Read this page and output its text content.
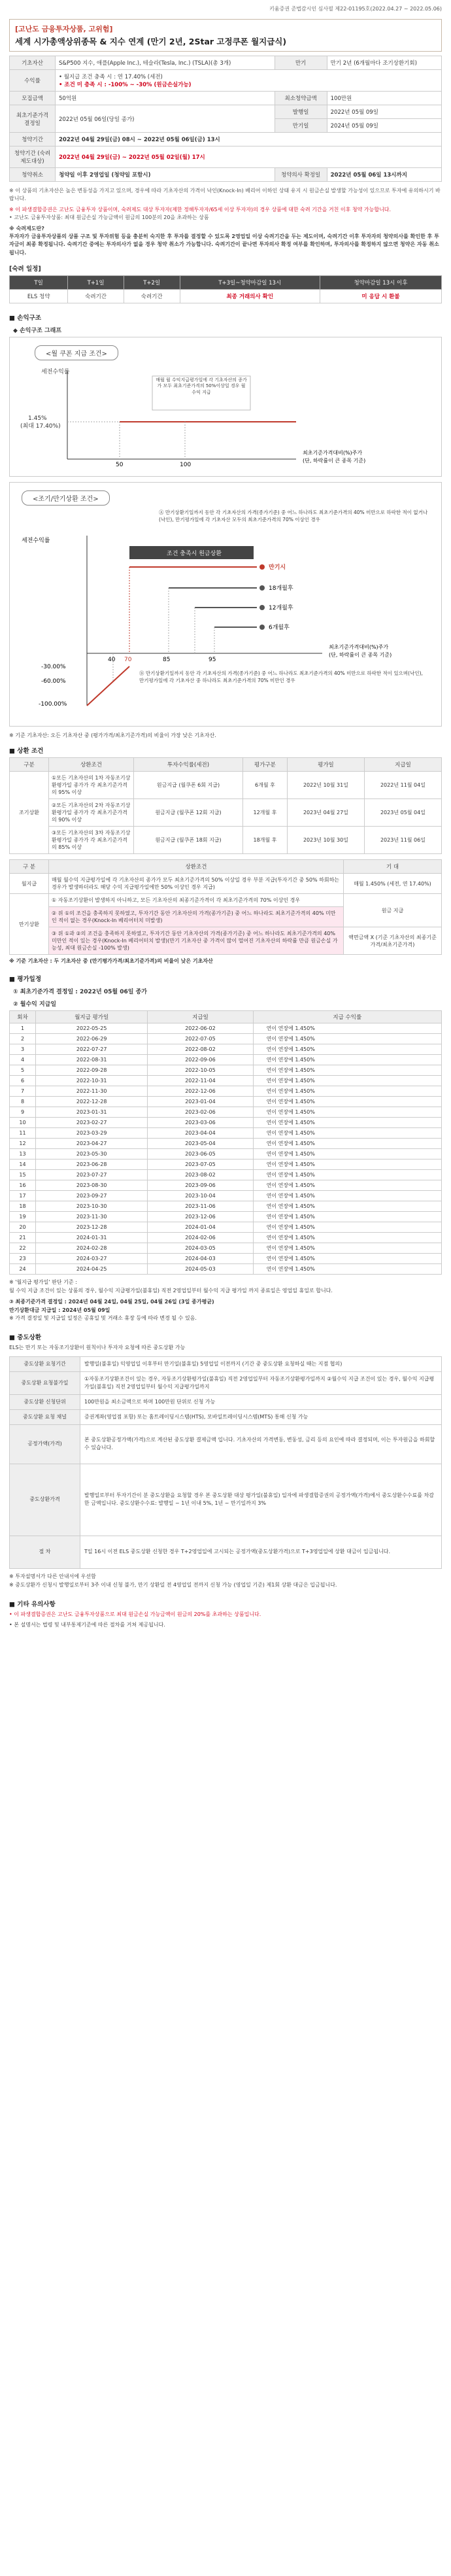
키움증권 준법감시인 심사필 제22-01195호(2022.04.27 ~ 2022.05.06)
[고난도 금융투자상품, 고위험]
세계 시가총액상위종목 & 지수 연계 (만기 2년, 2Star 고정쿠폰 월지급식)
기초자산	S&P500 지수, 애플(Apple Inc.), 테슬라(Tesla, Inc.) (TSLA)(총 3개)	만기	만기 2년 (6개월마다 조기상환기회)
수익률	• 월지급 조건 충족 시 : 연 17.40% (세전)
• 조건 미 충족 시 : -100% ~ -30% (원금손실가능)		

모집금액	50억원	최소청약금액	100만원
최초기준가격 결정일	2022년 05월 06일(당일 종가)	발행일	2022년 05월 09일
		만기일	2024년 05월 09일
청약기간	2022년 04월 29일(금) 08시 ~ 2022년 05월 06일(금) 13시		
청약기간 (숙려제도대상)	2022년 04월 29일(금) ~ 2022년 05월 02일(월) 17시		
청약취소	청약일 이후 2영업일 (청약일 포함시)	청약의사 확정일	2022년 05월 06일 13시까지
※ 이 상품의 기초자산은 높은 변동성을 가지고 있으며, 경우에 따라 기초자산의 가격이 낙인(Knock-In) 베리어 이하인 상태 유지 시 원금손실 발생할 가능성이 있으므로 투자에 유의하시기 바랍니다.
※ 이 파생결합증권은 고난도 금융투자 상품이며, 숙려제도 대상 투자자(제한 정해투자자/65세 이상 투자자)의 경우 상품에 대한 숙려 기간을 거친 이후 청약 가능합니다.
• 고난도 금융투자상품: 최대 원금손실 가능금액이 원금의 100분의 20을 초과하는 상품
※ 숙려제도란?
투자자가 금융투자상품의 상품 구조 및 투자위험 등을 충분히 숙지한 후 투자를 결정할 수 있도록 2영업일 이상 숙려기간을 두는 제도이며, 숙려기간 이후 투자자의 청약의사를 확인한 후 투자금이 최종 확정됩니다. 숙려기간 중에는 투자의사가 없을 경우 청약 취소가 가능합니다. 숙려기간이 끝나면 투자의사 확정 여부를 확인하며, 투자의사를 확정하지 않으면 청약은 자동 취소됩니다.
[숙려 일정]
T일	T+1일	T+2일	T+3일~청약마감일 13시	청약마감일 13시 이후
ELS 청약	숙려기간	숙려기간	최종 거래의사 확인	미 응답 시 환불
■ 손익구조
◆ 손익구조 그래프
<월 쿠폰 지급 조건>
세전수익률
1.45%
(최대 17.40%)
50	100
매월 월 수익지급평가일에 각 기초자산의 종가가 모두 최초기준가격의 50%이상일 경우 월 수익 지급
최초기준가격대비(%)주가
(단, 하락률이 큰 종목 기준)
<조기/만기상환 조건>
Ⓐ 만기상환기일까지 동안 각 기초자산의 가격(종가기준) 중 어느 하나라도 최초기준가격의 40% 미만으로 하락한 적이 없거나(낙인), 만기평가일에 각 기초자산 모두의 최초기준가격의 70% 이상인 경우
세전수익률
조건 충족시 원금상환
만기시
18개월후
12개월후
6개월후
40 70	85	95
-30.00%
-60.00%
-100.00%
최초기준가격대비(%)주가
(단, 하락률이 큰 종목 기준)
Ⓑ 만기상환기일까지 동안 각 기초자산의 가격(종가기준) 중 어느 하나라도 최초기준가격의 40% 미만으로 하락한 적이 있으며(낙인), 만기평가일에 각 기초자산 중 하나라도 최초기준가격의 70% 미만인 경우
※ 기준 기초자산: 오든 기초자산 중 (평가가격/최초기준가격)의 비율이 가장 낮은 기초자산.
■ 상환 조건
구분	상환조건	투자수익률(세전)	평가구분	평가일	지급일
조기상환	①모든 기초자산의 1차 자동조기상환평가일 종가가 각 최초기준가격 의 95% 이상	원금지급 (월쿠폰 6회 지급)	6개월 후	2022년 10월 31일	2022년 11월 04일
	②모든 기초자산의 2차 자동조기상환평가일 종가가 각 최초기준가격 의 90% 이상	원금지급 (월쿠폰 12회 지급)	12개월 후	2023년 04월 27일	2023년 05월 04일
	③모든 기초자산의 3차 자동조기상환평가일 종가가 각 최초기준가격 의 85% 이상	원금지급 (월쿠폰 18회 지급)	18개월 후	2023년 10월 30일	2023년 11월 06일
구 분	상환조건	기 대
월지급	매월 월수익 지급평가일에 각 기초자산의 종가가 모두 최초기준가격의 50% 이상일 경우 부분 지급(투자기간 중 50% 하회하는 경우가 발생하더라도 해당 수익 지급평가일에만 50% 이상인 경우 지급)	매월 1.450% (세전, 연 17.40%)
만기상환	① 자동조기상환이 발생하지 아니하고, 모든 기초자산의 최종기준가격이 각 최초기준가격의 70% 이상인 경우	원금 지급
	② 위 ①의 조건을 충족하지 못하였고, 투자기간 동안 기초자산의 가격(종가기준) 중 어느 하나라도 최초기준가격의 40% 미만인 적이 없는 경우(Knock-In 베리어터치 미발생)	
	③ 위 ①과 ②의 조건을 충족하지 못하였고, 투자기간 동안 기초자산의 가격(종가기준) 중 어느 하나라도 최초기준가격의 40% 미만인 적이 있는 경우(Knock-In 베리어터치 발생)(만기 기초자산 중 가격이 많이 떨어진 기초자산의 하락률 만큼 원금손실 가능성, 최대 원금손실 -100% 발생)	액면금액 X (기준 기초자산의 최종기준가격/최초기준가격)
※ 기준 기초자산 : 두 기초자산 중 (만기평가가격/최초기준가격)의 비율이 낮은 기초자산
■ 평가일정
① 최초기준가격 결정일 : 2022년 05월 06일 종가
② 월수익 지급일
회차	월지급 평가일	지급일	지급 수익률
1	2022-05-25	2022-06-02	연이 연장에 1.450%
2	2022-06-29	2022-07-05	연이 연장에 1.450%
3	2022-07-27	2022-08-02	연이 연장에 1.450%
4	2022-08-31	2022-09-06	연이 연장에 1.450%
5	2022-09-28	2022-10-05	연이 연장에 1.450%
6	2022-10-31	2022-11-04	연이 연장에 1.450%
7	2022-11-30	2022-12-06	연이 연장에 1.450%
8	2022-12-28	2023-01-04	연이 연장에 1.450%
9	2023-01-31	2023-02-06	연이 연장에 1.450%
10	2023-02-27	2023-03-06	연이 연장에 1.450%
11	2023-03-29	2023-04-04	연이 연장에 1.450%
12	2023-04-27	2023-05-04	연이 연장에 1.450%
13	2023-05-30	2023-06-05	연이 연장에 1.450%
14	2023-06-28	2023-07-05	연이 연장에 1.450%
15	2023-07-27	2023-08-02	연이 연장에 1.450%
16	2023-08-30	2023-09-06	연이 연장에 1.450%
17	2023-09-27	2023-10-04	연이 연장에 1.450%
18	2023-10-30	2023-11-06	연이 연장에 1.450%
19	2023-11-30	2023-12-06	연이 연장에 1.450%
20	2023-12-28	2024-01-04	연이 연장에 1.450%
21	2024-01-31	2024-02-06	연이 연장에 1.450%
22	2024-02-28	2024-03-05	연이 연장에 1.450%
23	2024-03-27	2024-04-03	연이 연장에 1.450%
24	2024-04-25	2024-05-03	연이 연장에 1.450%
※ '월지급 평가일' 판단 기준 :
월 수익 지급 조건이 있는 상품의 경우, 월수익 지급평가일(불휴일) 직전 2영업일부터 월수익 지급 평가일 까지 종료일은 영업일 휴일로 합니다.
③ 최종기준가격 결정일 : 2024년 04월 24일, 04월 25일, 04월 26일 (3일 종가평균)
만기상환대금 지급일 : 2024년 05월 09일
※ 가격 결정일 및 지급일 일정은 공휴일 및 거래소 휴장 등에 따라 변경 될 수 있음.
■ 중도상환
ELS는 만기 또는 자동조기상환이 원칙이나 투자자 요청에 따른 중도상환 가능
중도상환 요청기간	발행일(불휴일) 익영업일 이후부터 만기일(불휴일) 5영업일 이전까지 (기간 중 중도상환 요청하실 때는 지점 협의)
중도상환 요청불가일	①자동조기상환조건이 있는 경우, 자동조기상환평가일(불휴일) 직전 2영업일부터 자동조기상환평가일까지 ②월수익 지급 조건이 있는 경우, 월수익 지급평가일(불휴일) 직전 2영업일부터 월수익 지급평가일까지
중도상환 신청단위	100만원을 최소금액으로 하며 100만원 단위로 신청 가능
중도상환 요청 채널	증권계좌(영업점 포함) 또는 홈트레이딩시스템(HTS), 모바일트레이딩시스템(MTS) 통해 신청 가능
공정가액(가격)	본 중도상환공정가액(가격)으로 계산된 중도상환 결제금액 입니다. 기초자산의 가격변동, 변동성, 금리 등의 요인에 따라 결정되며, 이는 투자원금을 하회할 수 있습니다.
중도상환가격	발행일로부터 투자기간이 분 중도상환을 요청할 경우 본 중도상환 대상 평가일(불휴일) 일자에 파생결합증권의 공정가액(가격)에서 중도상환수수료를 차감한 금액입니다. 중도상환수수료: 발행일 ~ 1년 이내 5%, 1년 ~ 만기일까지 3%
절 차	T일 16시 이전 ELS 중도상환 신청한 경우 T+2영업일에 고시되는 공정가액(중도상환가격)으로 T+3영업일에 상환 대금이 입금됩니다.
※ 투자설명서가 다른 안내서에 우선함
※ 중도상환가 신청시 발행일로부터 3주 이내 신청 불가, 만기 상환일 전 4영업일 전까지 신청 가능 (영업일 기준) 제1회 상환 대금은 입금됩니다.
■ 기타 유의사항
• 이 파생결합증권은 고난도 금융투자상품으로 최대 원금손실 가능금액이 원금의 20%를 초과하는 상품입니다.
• 본 설명서는 법령 및 내부통제기준에 따른 절차를 거쳐 제공됩니다.
